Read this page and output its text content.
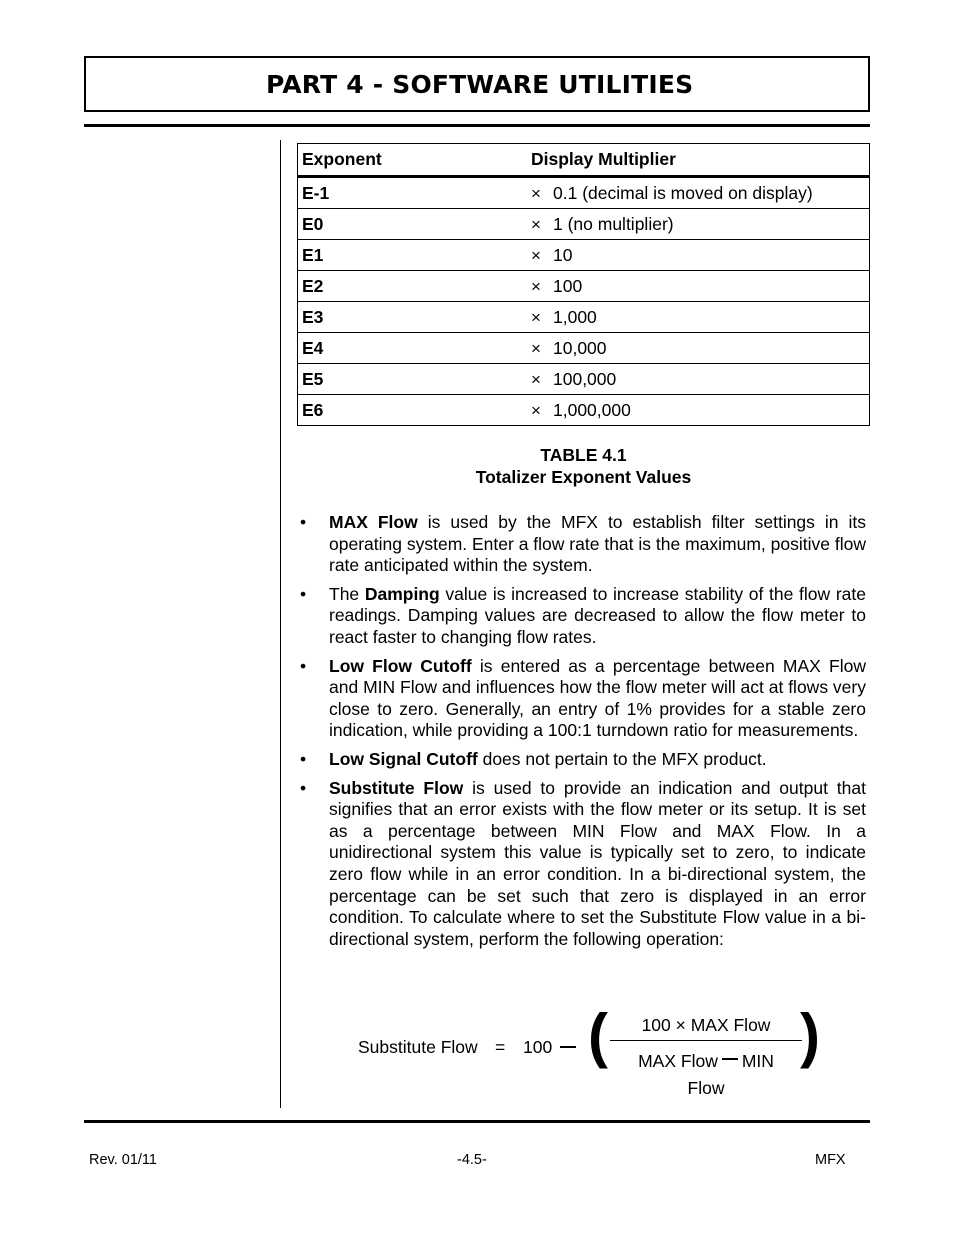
PART 4 - SOFTWARE UTILITIES
Exponent	Display Multiplier
E-1	× 0.1 (decimal is moved on display)
E0	× 1 (no multiplier)
E1	× 10
E2	× 100
E3	× 1,000
E4	× 10,000
E5	× 100,000
E6	× 1,000,000
TABLE 4.1
Totalizer Exponent Values
• MAX Flow is used by the MFX to establish filter settings in its operating system. Enter a flow rate that is the maximum, positive flow rate anticipated within the system.
• The Damping value is increased to increase stability of the flow rate readings. Damping values are decreased to allow the flow meter to react faster to changing flow rates.
• Low Flow Cutoff is entered as a percentage between MAX Flow and MIN Flow and influences how the flow meter will act at flows very close to zero. Generally, an entry of 1% provides for a stable zero indication, while providing a 100:1 turndown ratio for measurements.
• Low Signal Cutoff does not pertain to the MFX product.
• Substitute Flow is used to provide an indication and output that signifies that an error exists with the flow meter or its setup. It is set as a percentage between MIN Flow and MAX Flow. In a unidirectional system this value is typically set to zero, to indicate zero flow while in an error condition. In a bi-directional system, the percentage can be set such that zero is displayed in an error condition. To calculate where to set the Substitute Flow value in a bi-directional system, perform the following operation:
Substitute Flow = 100 (	100 × MAX Flow
MAX Flow MIN Flow
)
Rev. 01/11	-4.5-	MFX
